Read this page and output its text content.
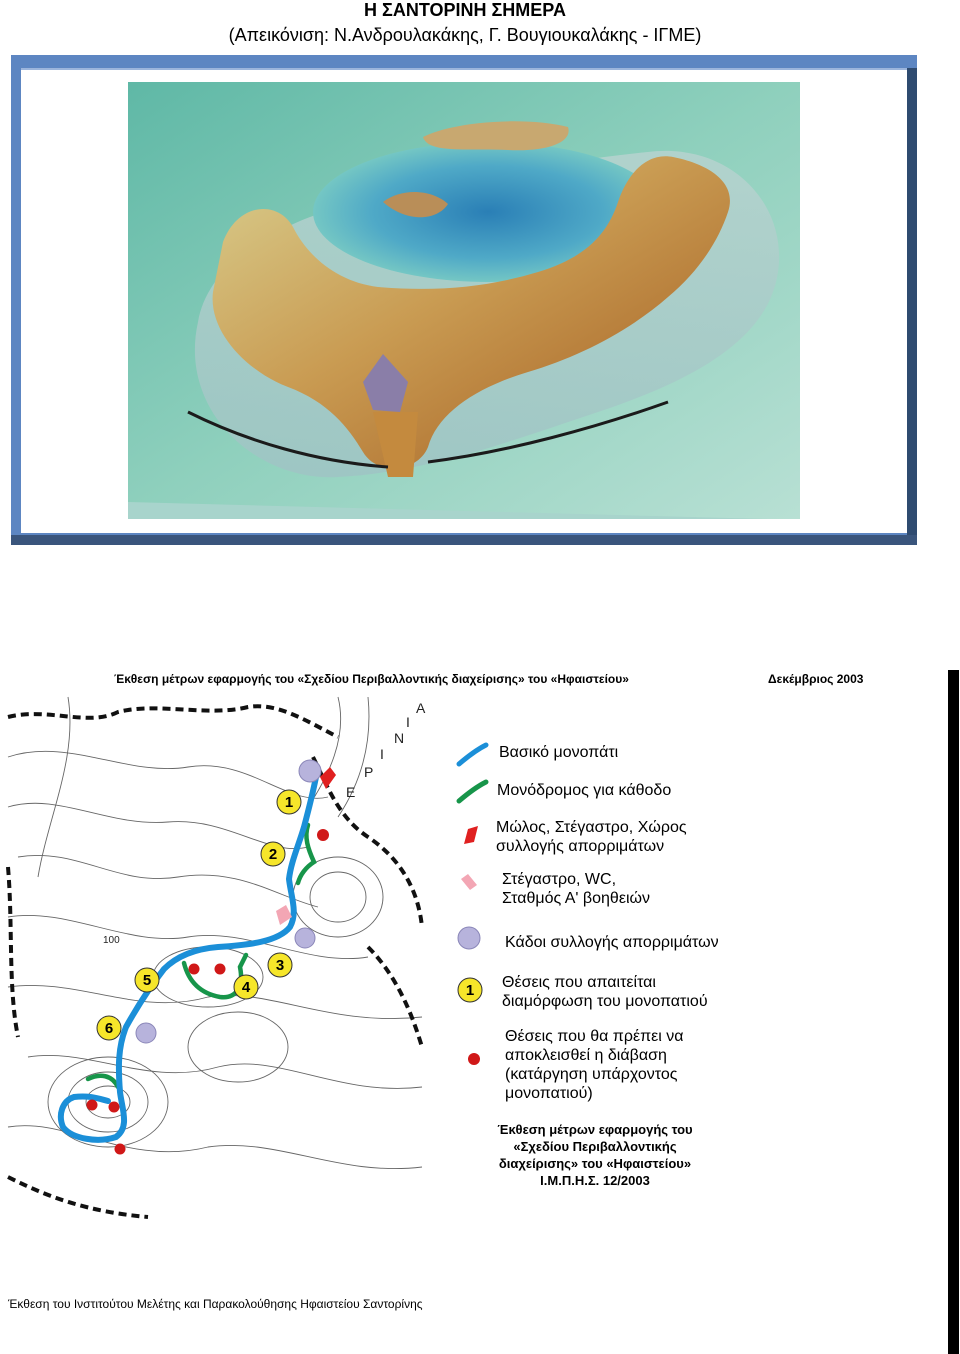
Η ΣΑΝΤΟΡΙΝΗ ΣΗΜΕΡΑ
(Απεικόνιση: Ν.Ανδρουλακάκης, Γ. Βουγιουκαλάκης - ΙΓΜΕ)
Έκθεση μέτρων εφαρμογής του «Σχεδίου Περιβαλλοντικής διαχείρισης» του «Ηφαιστείου»	Δεκέμβριος 2003
Ε
Ρ
Ι
Ν
Ι
Α
100
1
2
3
4
5
6
Βασικό μονοπάτι
Μονόδρομος για κάθοδο
Μώλος, Στέγαστρο, Χώρος
συλλογής απορριμάτων
Στέγαστρο, WC,
Σταθμός Α' βοηθειών
Κάδοι συλλογής απορριμάτων
1 Θέσεις που απαιτείται
διαμόρφωση του μονοπατιού
Θέσεις που θα πρέπει να
αποκλεισθεί η διάβαση
(κατάργηση υπάρχοντος
μονοπατιού)
Έκθεση μέτρων εφαρμογής του
«Σχεδίου Περιβαλλοντικής
διαχείρισης» του «Ηφαιστείου»
Ι.Μ.Π.Η.Σ. 12/2003
Έκθεση του Ινστιτούτου Μελέτης και Παρακολούθησης Ηφαιστείου Σαντορίνης
